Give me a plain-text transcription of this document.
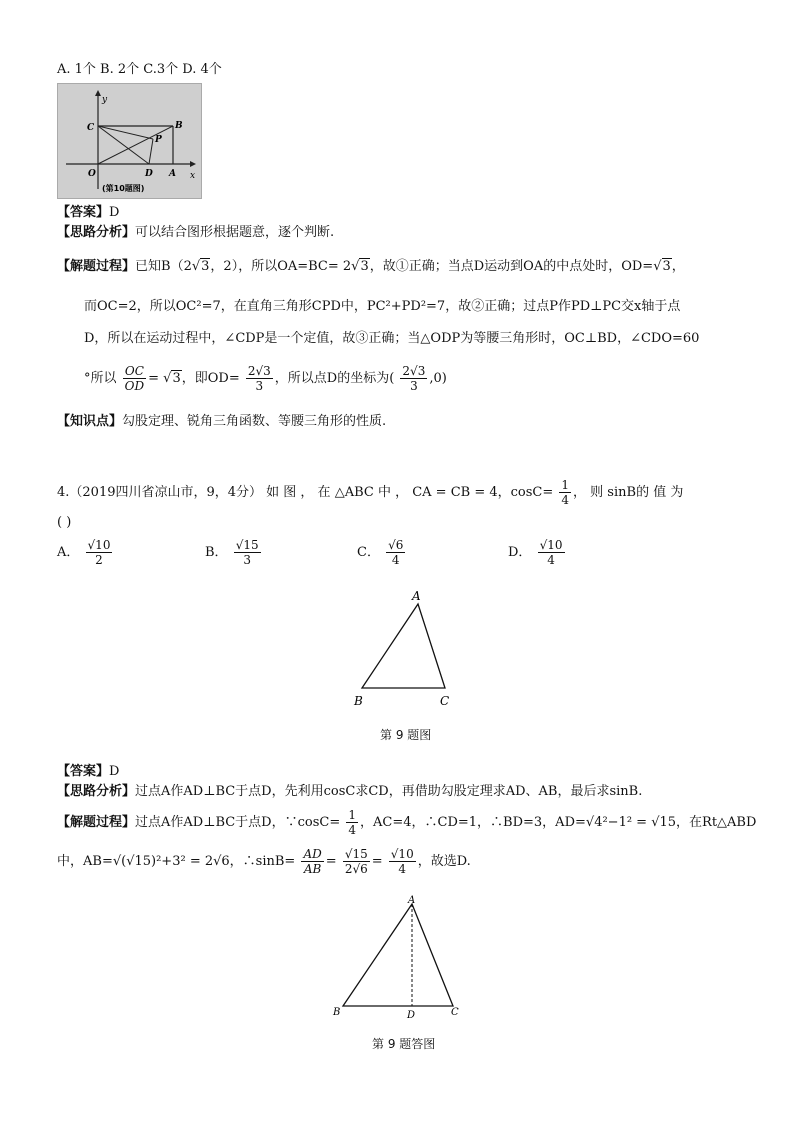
A. 1个 B. 2个 C.3个 D. 4个
y
x
C	B
P
O	D A
(第10题图)
【答案】D
【思路分析】可以结合图形根据题意，逐个判断.
【解题过程】已知B（2√3，2），所以OA=BC= 2√3，故①正确；当点D运动到OA的中点处时，OD=√3，
而OC=2，所以OC²=7，在直角三角形CPD中，PC²+PD²=7，故②正确；过点P作PD⊥PC交x轴于点
D，所以在运动过程中，∠CDP是一个定值，故③正确；当△ODP为等腰三角形时，OC⊥BD，∠CDO=60
°所以 $\frac{OC}{OD} = √3$，即$OD= \frac{2√3}{3}$ ，所以点D的坐标为( $\frac{2√3}{3} ,0$)
【知识点】勾股定理、锐角三角函数、等腰三角形的性质.
4.（2019四川省凉山市，9，4分） 如 图 ， 在 △ABC 中 ， CA = CB = 4，$\cos C= \frac{1}{4}$ ， 则 sinB的 值 为
( )
A． $\frac{√10}{2}$	B． $\frac{√15}{3}$	C． $\frac{√6}{4}$	D． $\frac{√10}{4}$
A
B	C
第 9 题图
【答案】D
【思路分析】过点A作AD⊥BC于点D，先利用cosC求CD，再借助勾股定理求AD、AB，最后求sinB.
【解题过程】过点A作AD⊥BC于点D，∵cosC= $\frac{1}{4}$ ，AC=4，∴CD=1，∴BD=3，AD=√4²−1² = √15，在Rt△ABD
中，AB=√(√15)²+3² = 2√6，∴sinB= $\frac{AD}{AB} = \frac{√15}{2√6} = \frac{√10}{4}$ ，故选D.
A
B	D	C
第 9 题答图
